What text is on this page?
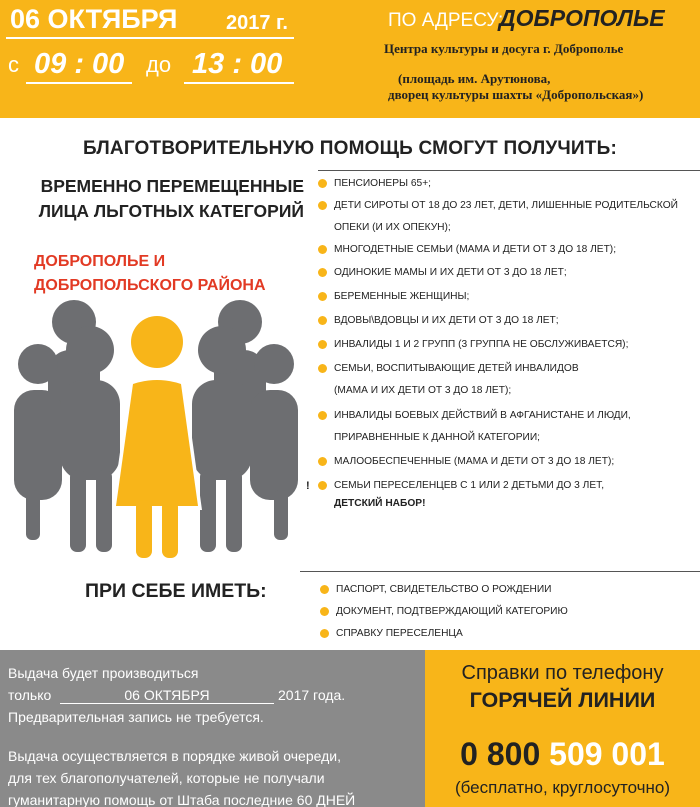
06 ОКТЯБРЯ 2017 г.
с 09 : 00 до 13 : 00
ПО АДРЕСУ:
ДОБРОПОЛЬЕ
Центра культуры и досуга г. Доброполье
(площадь им. Арутюнова,
дворец культуры шахты «Добропольская»)
БЛАГОТВОРИТЕЛЬНУЮ ПОМОЩЬ СМОГУТ ПОЛУЧИТЬ:
ВРЕМЕННО ПЕРЕМЕЩЕННЫЕ
ЛИЦА ЛЬГОТНЫХ КАТЕГОРИЙ
ДОБРОПОЛЬЕ И
ДОБРОПОЛЬСКОГО РАЙОНА
ПЕНСИОНЕРЫ 65+;
ДЕТИ СИРОТЫ ОТ 18 ДО 23 ЛЕТ, ДЕТИ, ЛИШЕННЫЕ РОДИТЕЛЬСКОЙ
ОПЕКИ (И ИХ ОПЕКУН);
МНОГОДЕТНЫЕ СЕМЬИ (МАМА И ДЕТИ ОТ 3 ДО 18 ЛЕТ);
ОДИНОКИЕ МАМЫ И ИХ ДЕТИ ОТ 3 ДО 18 ЛЕТ;
БЕРЕМЕННЫЕ ЖЕНЩИНЫ;
ВДОВЫ\ВДОВЦЫ И ИХ ДЕТИ ОТ 3 ДО 18 ЛЕТ;
ИНВАЛИДЫ 1 И 2 ГРУПП (3 ГРУППА НЕ ОБСЛУЖИВАЕТСЯ);
СЕМЬИ, ВОСПИТЫВАЮЩИЕ ДЕТЕЙ ИНВАЛИДОВ
(МАМА И ИХ ДЕТИ ОТ 3 ДО 18 ЛЕТ);
ИНВАЛИДЫ БОЕВЫХ ДЕЙСТВИЙ В АФГАНИСТАНЕ И ЛЮДИ,
ПРИРАВНЕННЫЕ К ДАННОЙ КАТЕГОРИИ;
МАЛООБЕСПЕЧЕННЫЕ (МАМА И ДЕТИ ОТ 3 ДО 18 ЛЕТ);
! СЕМЬИ ПЕРЕСЕЛЕНЦЕВ С 1 ИЛИ 2 ДЕТЬМИ ДО 3 ЛЕТ,
ДЕТСКИЙ НАБОР!
ПРИ СЕБЕ ИМЕТЬ:	ПАСПОРТ, СВИДЕТЕЛЬСТВО О РОЖДЕНИИ
ДОКУМЕНТ, ПОДТВЕРЖДАЮЩИЙ КАТЕГОРИЮ
СПРАВКУ ПЕРЕСЕЛЕНЦА
Выдача будет производиться
только	06 ОКТЯБРЯ	2017 года.
Предварительная запись не требуется.
Выдача осуществляется в порядке живой очереди,
для тех благополучателей, которые не получали
гуманитарную помощь от Штаба последние 60 ДНЕЙ
Справки по телефону
ГОРЯЧЕЙ ЛИНИИ
0 800 509 001
(бесплатно, круглосуточно)
